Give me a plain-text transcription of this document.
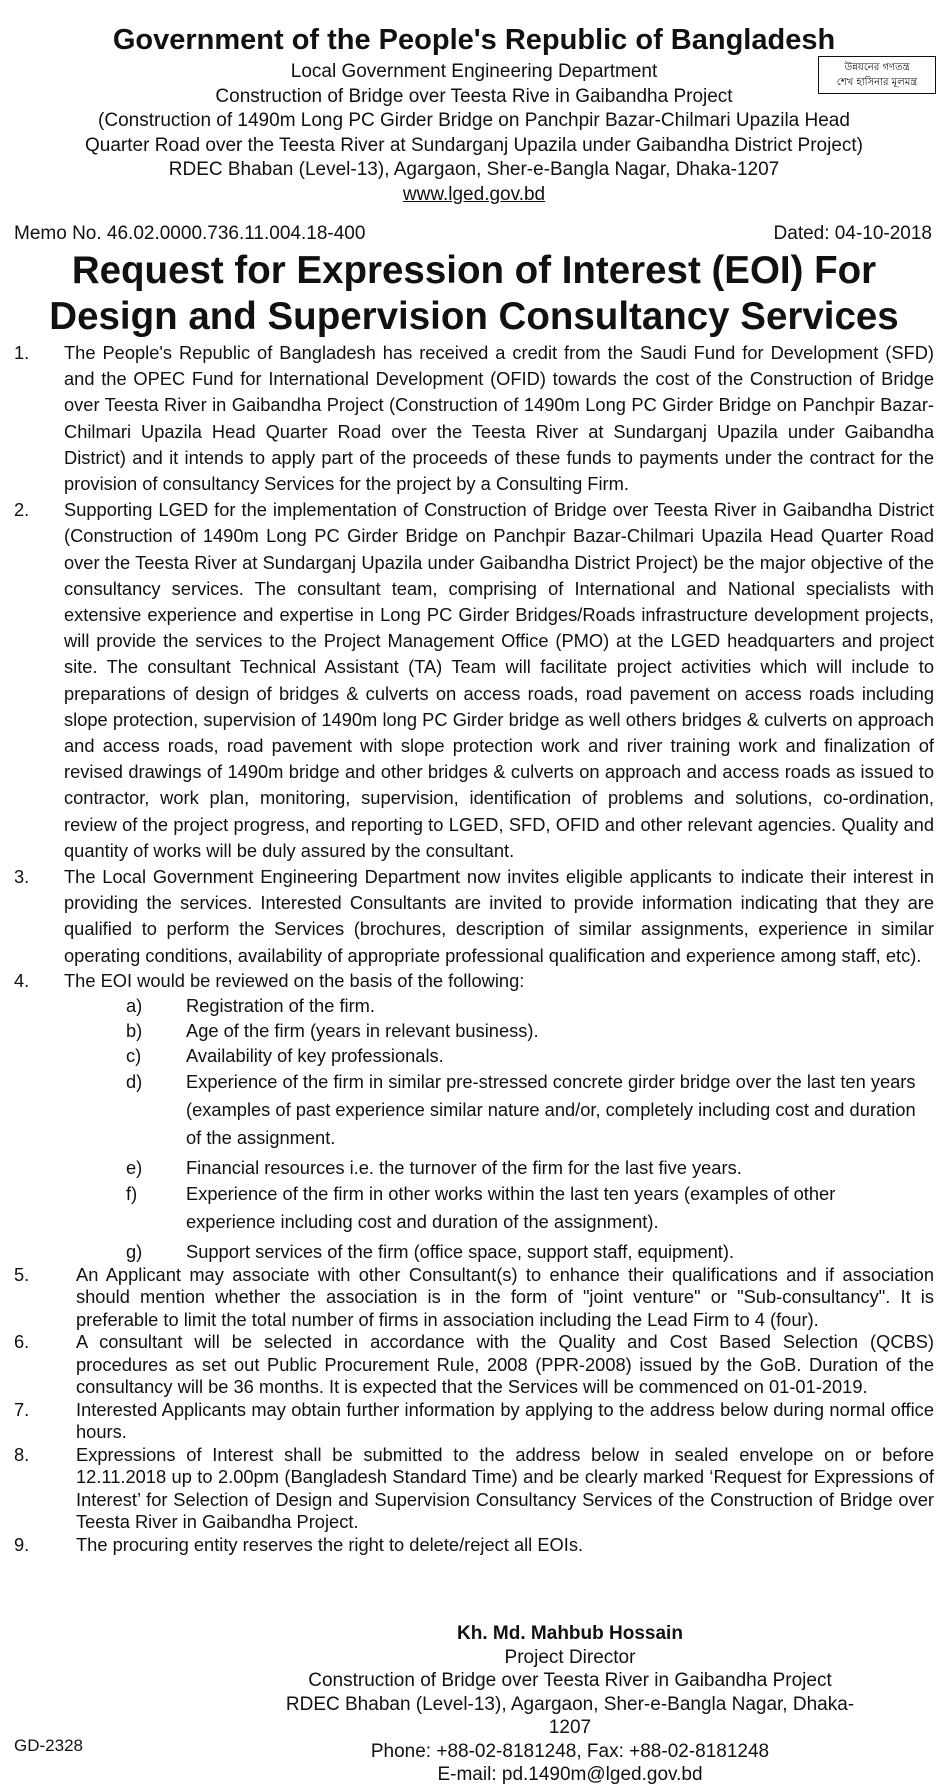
Government of the People's Republic of Bangladesh

Local Government Engineering Department

Construction of Bridge over Teesta Rive in Gaibandha Project

(Construction of 1490m Long PC Girder Bridge on Panchpir Bazar-Chilmari Upazila Head

Quarter Road over the Teesta River at Sundarganj Upazila under Gaibandha District Project)

RDEC Bhaban (Level-13), Agargaon, Sher-e-Bangla Nagar, Dhaka-1207

www.lged.gov.bd

উন্নয়নের গণতন্ত্র
শেখ হাসিনার মূলমন্ত্র
Memo No. 46.02.0000.736.11.004.18-400	Dated: 04-10-2018
Request for Expression of Interest (EOI) For
Design and Supervision Consultancy Services
1. The People's Republic of Bangladesh has received a credit from the Saudi Fund for Development (SFD) and the OPEC Fund for International Development (OFID) towards the cost of the Construction of Bridge over Teesta River in Gaibandha Project (Construction of 1490m Long PC Girder Bridge on Panchpir Bazar-Chilmari Upazila Head Quarter Road over the Teesta River at Sundarganj Upazila under Gaibandha District) and it intends to apply part of the proceeds of these funds to payments under the contract for the provision of consultancy Services for the project by a Consulting Firm.
2. Supporting LGED for the implementation of Construction of Bridge over Teesta River in Gaibandha District (Construction of 1490m Long PC Girder Bridge on Panchpir Bazar-Chilmari Upazila Head Quarter Road over the Teesta River at Sundarganj Upazila under Gaibandha District Project) be the major objective of the consultancy services. The consultant team, comprising of International and National specialists with extensive experience and expertise in Long PC Girder Bridges/Roads infrastructure development projects, will provide the services to the Project Management Office (PMO) at the LGED headquarters and project site. The consultant Technical Assistant (TA) Team will facilitate project activities which will include to preparations of design of bridges & culverts on access roads, road pavement on access roads including slope protection, supervision of 1490m long PC Girder bridge as well others bridges & culverts on approach and access roads, road pavement with slope protection work and river training work and finalization of revised drawings of 1490m bridge and other bridges & culverts on approach and access roads as issued to contractor, work plan, monitoring, supervision, identification of problems and solutions, co-ordination, review of the project progress, and reporting to LGED, SFD, OFID and other relevant agencies. Quality and quantity of works will be duly assured by the consultant.
3. The Local Government Engineering Department now invites eligible applicants to indicate their interest in providing the services. Interested Consultants are invited to provide information indicating that they are qualified to perform the Services (brochures, description of similar assignments, experience in similar operating conditions, availability of appropriate professional qualification and experience among staff, etc).
4. The EOI would be reviewed on the basis of the following:
a) Registration of the firm.
b) Age of the firm (years in relevant business).
c) Availability of key professionals.
d) Experience of the firm in similar pre-stressed concrete girder bridge over the last ten years (examples of past experience similar nature and/or, completely including cost and duration of the assignment.
e) Financial resources i.e. the turnover of the firm for the last five years.
f)	Experience of the firm in other works within the last ten years (examples of other experience including cost and duration of the assignment).
g) Support services of the firm (office space, support staff, equipment).
5.	An Applicant may associate with other Consultant(s) to enhance their qualifications and if association should mention whether the association is in the form of "joint venture" or "Sub-consultancy". It is preferable to limit the total number of firms in association including the Lead Firm to 4 (four).
6.	A consultant will be selected in accordance with the Quality and Cost Based Selection (QCBS) procedures as set out Public Procurement Rule, 2008 (PPR-2008) issued by the GoB. Duration of the consultancy will be 36 months. It is expected that the Services will be commenced on 01-01-2019.
7.	Interested Applicants may obtain further information by applying to the address below during normal office hours.
8.	Expressions of Interest shall be submitted to the address below in sealed envelope on or before 12.11.2018 up to 2.00pm (Bangladesh Standard Time) and be clearly marked ‘Request for Expressions of Interest’ for Selection of Design and Supervision Consultancy Services of the Construction of Bridge over Teesta River in Gaibandha Project.
9.	The procuring entity reserves the right to delete/reject all EOIs.
Kh. Md. Mahbub Hossain
Project Director
Construction of Bridge over Teesta River in Gaibandha Project
RDEC Bhaban (Level-13), Agargaon, Sher-e-Bangla Nagar, Dhaka-1207
Phone: +88-02-8181248, Fax: +88-02-8181248
E-mail: pd.1490m@lged.gov.bd
GD-2328
